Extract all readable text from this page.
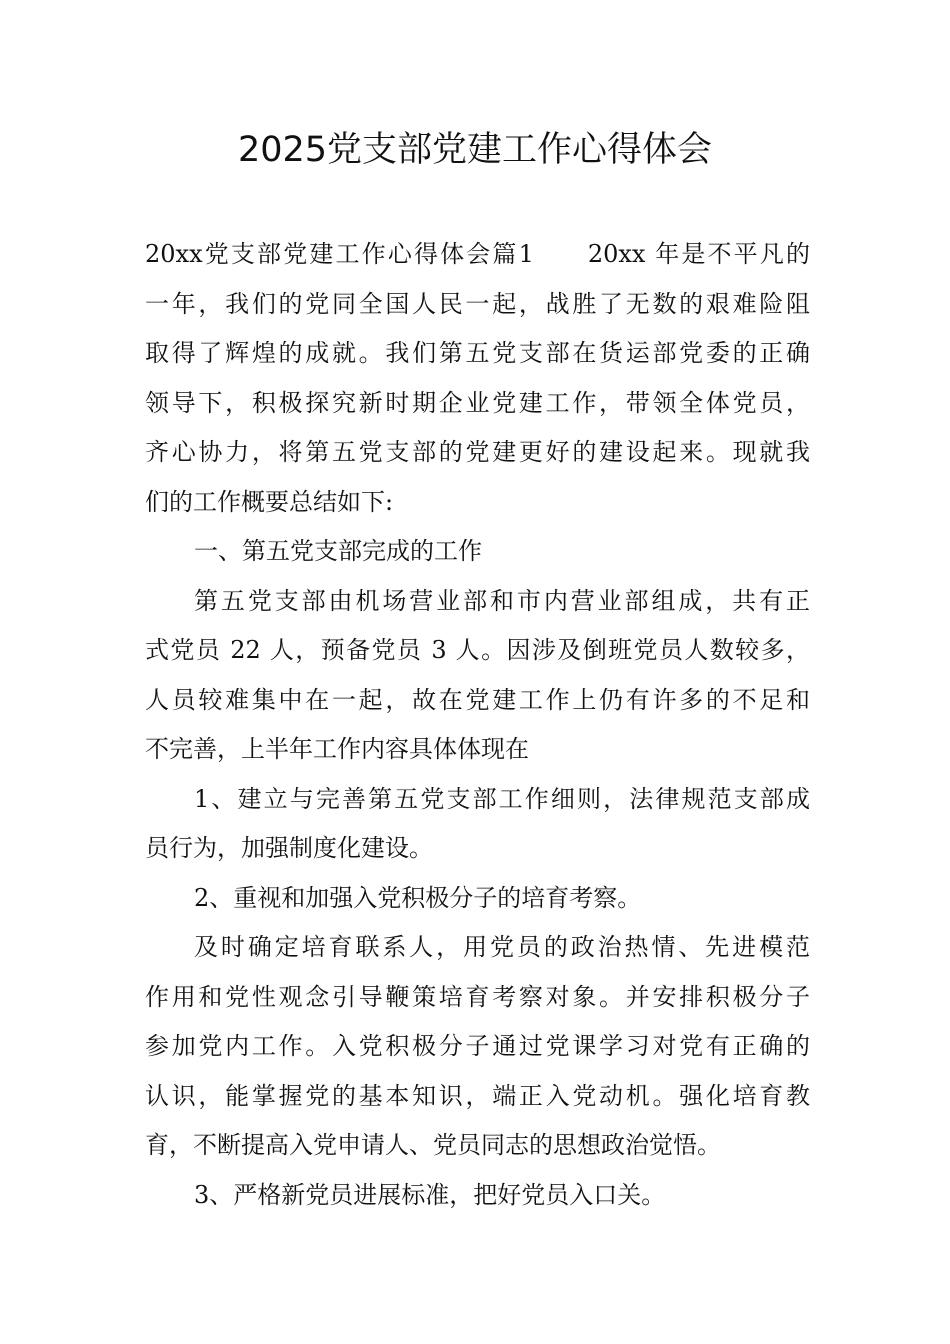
2025党支部党建工作心得体会
20xx党支部党建工作心得体会篇1 20xx 年是不平凡的
一年，我们的党同全国人民一起，战胜了无数的艰难险阻
取得了辉煌的成就。我们第五党支部在货运部党委的正确
领导下，积极探究新时期企业党建工作，带领全体党员，
齐心协力，将第五党支部的党建更好的建设起来。现就我
们的工作概要总结如下:
一、第五党支部完成的工作
第五党支部由机场营业部和市内营业部组成，共有正
式党员 22 人，预备党员 3 人。因涉及倒班党员人数较多，
人员较难集中在一起，故在党建工作上仍有许多的不足和
不完善，上半年工作内容具体体现在
1、建立与完善第五党支部工作细则，法律规范支部成
员行为，加强制度化建设。
2、重视和加强入党积极分子的培育考察。
及时确定培育联系人，用党员的政治热情、先进模范
作用和党性观念引导鞭策培育考察对象。并安排积极分子
参加党内工作。入党积极分子通过党课学习对党有正确的
认识，能掌握党的基本知识，端正入党动机。强化培育教
育，不断提高入党申请人、党员同志的思想政治觉悟。
3、严格新党员进展标准，把好党员入口关。
